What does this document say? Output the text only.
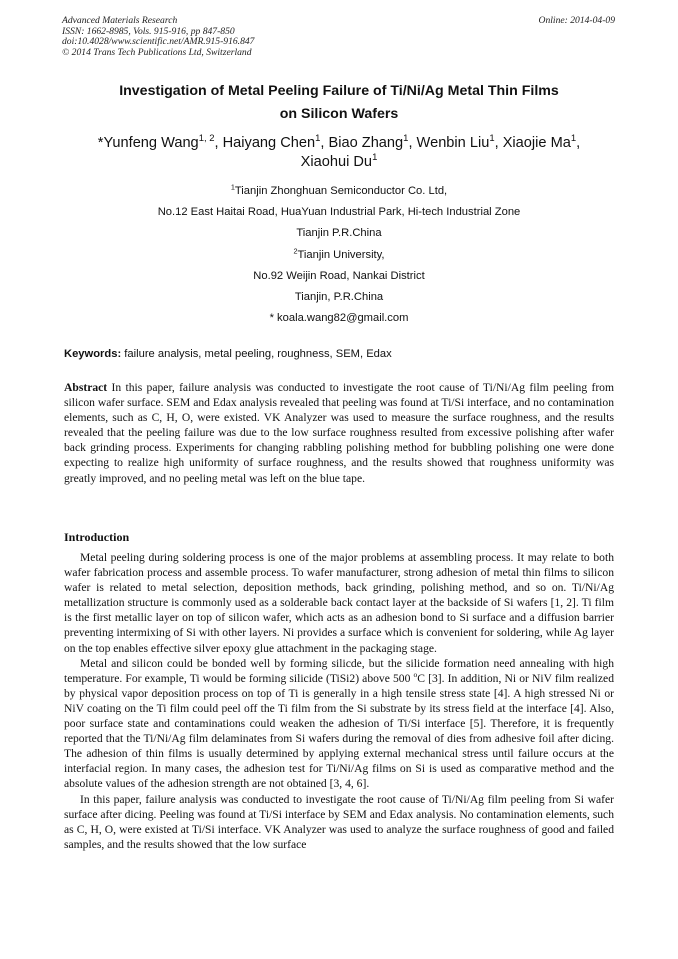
Advanced Materials Research
ISSN: 1662-8985, Vols. 915-916, pp 847-850
doi:10.4028/www.scientific.net/AMR.915-916.847
© 2014 Trans Tech Publications Ltd, Switzerland
Online: 2014-04-09
Investigation of Metal Peeling Failure of Ti/Ni/Ag Metal Thin Films
on Silicon Wafers
*Yunfeng Wang$^{1, 2}$, Haiyang Chen$^1$, Biao Zhang$^1$, Wenbin Liu$^1$, Xiaojie Ma$^1$,
Xiaohui Du$^1$
$^1$Tianjin Zhonghuan Semiconductor Co. Ltd,
No.12 East Haitai Road, HuaYuan Industrial Park, Hi-tech Industrial Zone
Tianjin P.R.China
$^2$Tianjin University,
No.92 Weijin Road, Nankai District
Tianjin, P.R.China
* koala.wang82@gmail.com
Keywords: failure analysis, metal peeling, roughness, SEM, Edax
Abstract In this paper, failure analysis was conducted to investigate the root cause of Ti/Ni/Ag film peeling from silicon wafer surface. SEM and Edax analysis revealed that peeling was found at Ti/Si interface, and no contamination elements, such as C, H, O, were existed. VK Analyzer was used to measure the surface roughness, and the results revealed that the peeling failure was due to the low surface roughness resulted from excessive polishing after wafer back grinding process. Experiments for changing rabbling polishing method for bubbling polishing one were done expecting to realize high uniformity of surface roughness, and the results showed that roughness uniformity was greatly improved, and no peeling metal was left on the blue tape.
Introduction

Metal peeling during soldering process is one of the major problems at assembling process. It may relate to both wafer fabrication process and assemble process. To wafer manufacturer, strong adhesion of metal thin films to silicon wafer is related to metal selection, deposition methods, back grinding, polishing method, and so on. Ti/Ni/Ag metallization structure is commonly used as a solderable back contact layer at the backside of Si wafers [1, 2]. Ti film is the first metallic layer on top of silicon wafer, which acts as an adhesion bond to Si surface and a diffusion barrier preventing intermixing of Si with other layers. Ni provides a surface which is convenient for soldering, while Ag layer on the top enables effective silver epoxy glue attachment in the packaging stage.

Metal and silicon could be bonded well by forming silicde, but the silicide formation need annealing with high temperature. For example, Ti would be forming silicide (TiSi2) above 500 $^o$C [3]. In addition, Ni or NiV film realized by physical vapor deposition process on top of Ti is generally in a high tensile stress state [4]. A high stressed Ni or NiV coating on the Ti film could peel off the Ti film from the Si substrate by its stress field at the interface [4]. Also, poor surface state and contaminations could weaken the adhesion of Ti/Si interface [5]. Therefore, it is frequently reported that the Ti/Ni/Ag film delaminates from Si wafers during the removal of dies from adhesive foil after dicing. The adhesion of thin films is usually determined by applying external mechanical stress until failure occurs at the interfacial region. In many cases, the adhesion test for Ti/Ni/Ag films on Si is used as comparative method and the absolute values of the adhesion strength are not obtained [3, 4, 6].

In this paper, failure analysis was conducted to investigate the root cause of Ti/Ni/Ag film peeling from Si wafer surface after dicing. Peeling was found at Ti/Si interface by SEM and Edax analysis. No contamination elements, such as C, H, O, were existed at Ti/Si interface. VK Analyzer was used to analyze the surface roughness of good and failed samples, and the results showed that the low surface
